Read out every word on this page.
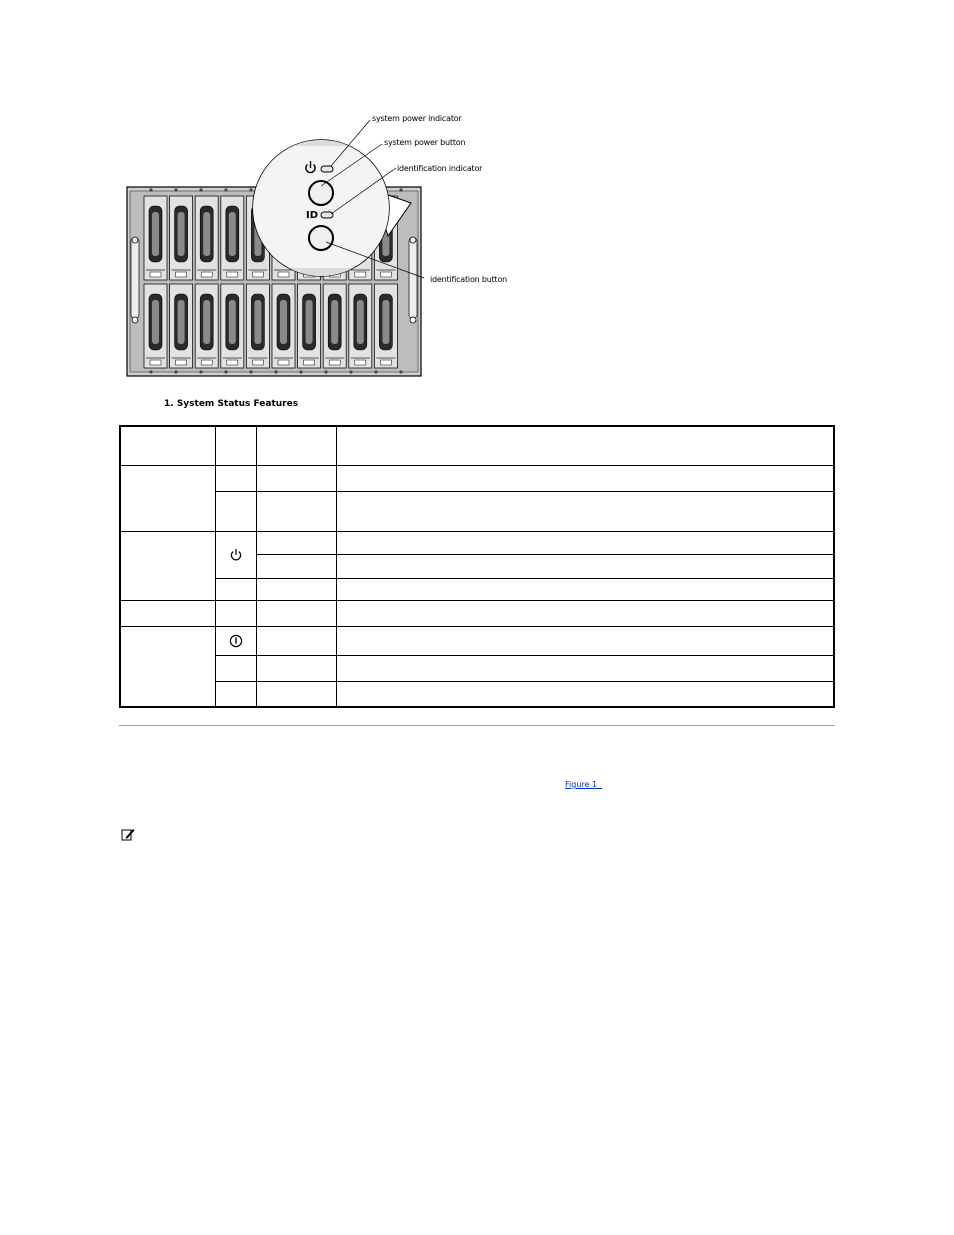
ID
system power indicator
system power button
identification indicator
identification button
1. System Status Features

Figure 1
